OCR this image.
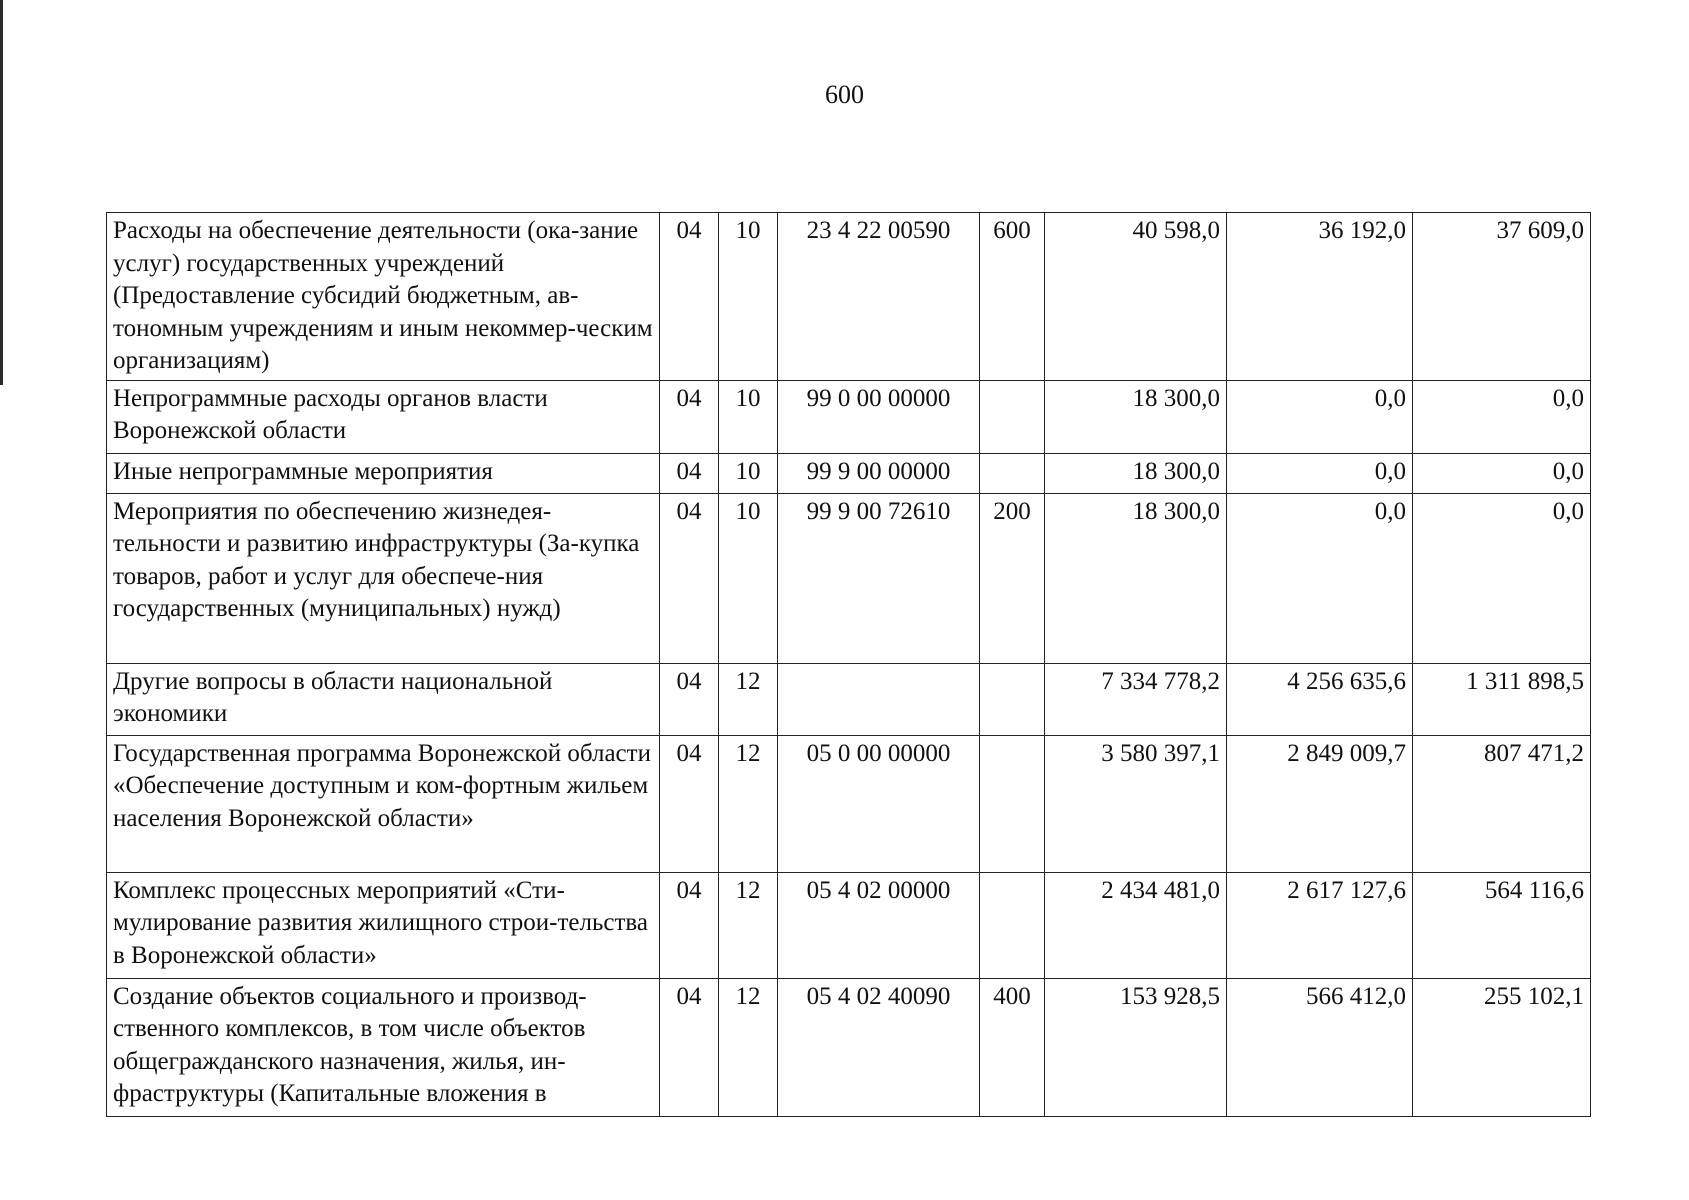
600
Расходы на обеспечение деятельности (ока-зание услуг) государственных учреждений (Предоставление субсидий бюджетным, ав-тономным учреждениям и иным некоммер-ческим организациям)	04	10	23 4 22 00590	600	40 598,0	36 192,0	37 609,0
Непрограммные расходы органов власти Воронежской области	04	10	99 0 00 00000		18 300,0	0,0	0,0
Иные непрограммные мероприятия	04	10	99 9 00 00000		18 300,0	0,0	0,0
Мероприятия по обеспечению жизнедея-тельности и развитию инфраструктуры (За-купка товаров, работ и услуг для обеспече-ния государственных (муниципальных) нужд)	04	10	99 9 00 72610	200	18 300,0	0,0	0,0
Другие вопросы в области национальной экономики	04	12			7 334 778,2	4 256 635,6	1 311 898,5
Государственная программа Воронежской области «Обеспечение доступным и ком-фортным жильем населения Воронежской области»	04	12	05 0 00 00000		3 580 397,1	2 849 009,7	807 471,2
Комплекс процессных мероприятий «Сти-мулирование развития жилищного строи-тельства в Воронежской области»	04	12	05 4 02 00000		2 434 481,0	2 617 127,6	564 116,6
Создание объектов социального и производ-ственного комплексов, в том числе объектов общегражданского назначения, жилья, ин-фраструктуры (Капитальные вложения в	04	12	05 4 02 40090	400	153 928,5	566 412,0	255 102,1
